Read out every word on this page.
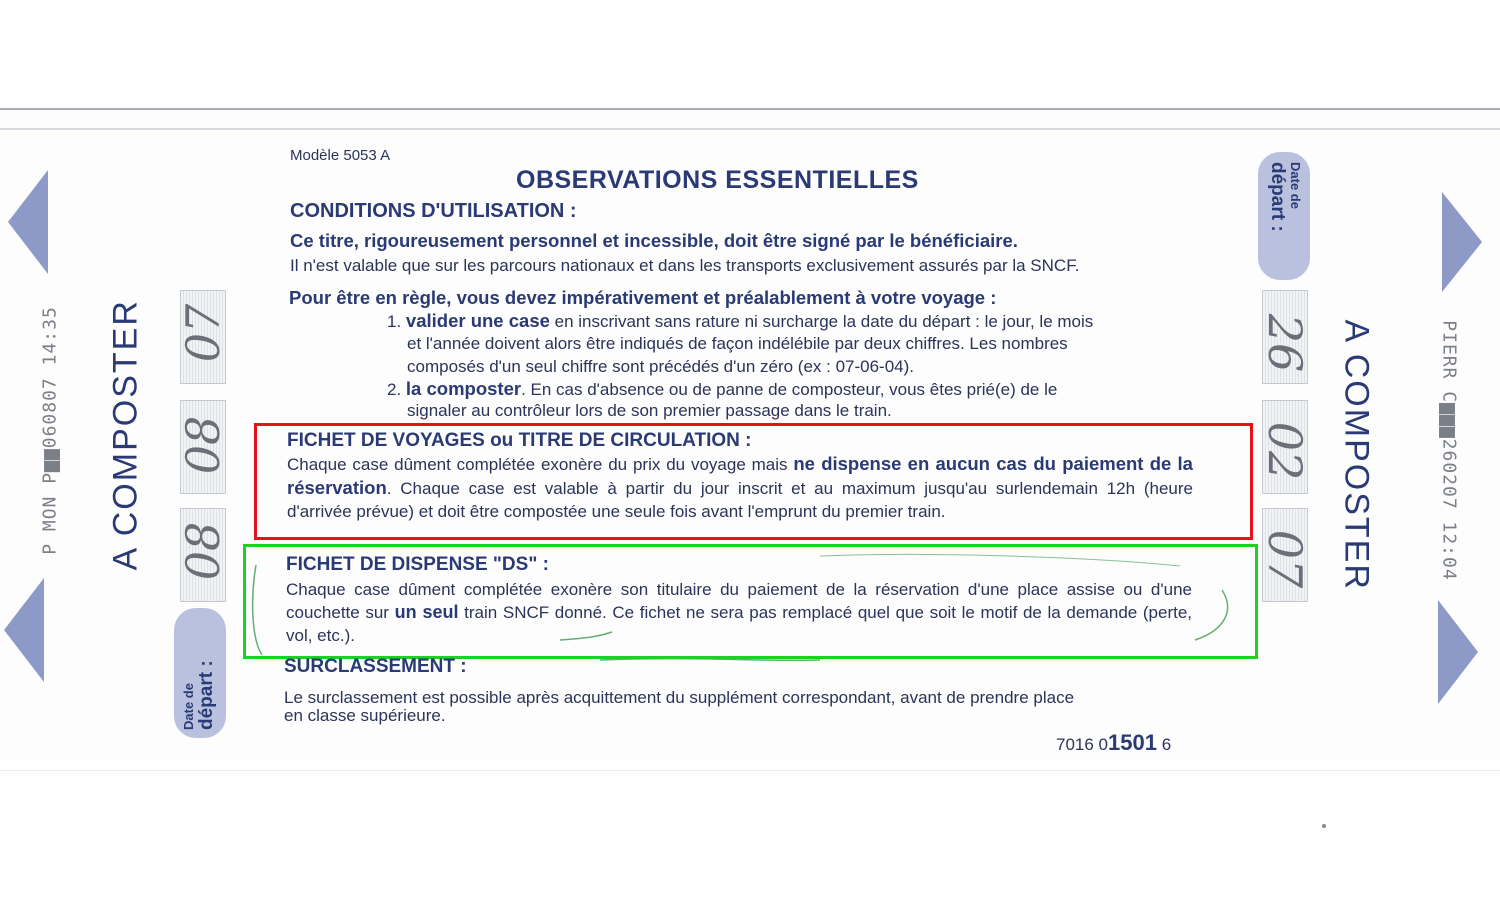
P MON P▆▆060807 14:35 A COMPOSTER 07
08
08
Date de départ :
Date de
départ :
26
02
07 A COMPOSTER	PIERR C▆▆▆260207 12:04
Modèle 5053 A
OBSERVATIONS ESSENTIELLES
CONDITIONS D'UTILISATION :
Ce titre, rigoureusement personnel et incessible, doit être signé par le bénéficiaire.
Il n'est valable que sur les parcours nationaux et dans les transports exclusivement assurés par la SNCF.
Pour être en règle, vous devez impérativement et préalablement à votre voyage :
1. valider une case en inscrivant sans rature ni surcharge la date du départ : le jour, le mois
et l'année doivent alors être indiqués de façon indélébile par deux chiffres. Les nombres
composés d'un seul chiffre sont précédés d'un zéro (ex : 07-06-04).
2. la composter. En cas d'absence ou de panne de composteur, vous êtes prié(e) de le
signaler au contrôleur lors de son premier passage dans le train.
FICHET DE VOYAGES ou TITRE DE CIRCULATION :
Chaque case dûment complétée exonère du prix du voyage mais ne dispense en aucun cas du paiement de la réservation. Chaque case est valable à partir du jour inscrit et au maximum jusqu'au surlendemain 12h (heure d'arrivée prévue) et doit être compostée une seule fois avant l'emprunt du premier train.
FICHET DE DISPENSE "DS" :
Chaque case dûment complétée exonère son titulaire du paiement de la réservation d'une place assise ou d'une couchette sur un seul train SNCF donné. Ce fichet ne sera pas remplacé quel que soit le motif de la demande (perte, vol, etc.).
SURCLASSEMENT :
Le surclassement est possible après acquittement du supplément correspondant, avant de prendre place
en classe supérieure.
7016 01501 6
